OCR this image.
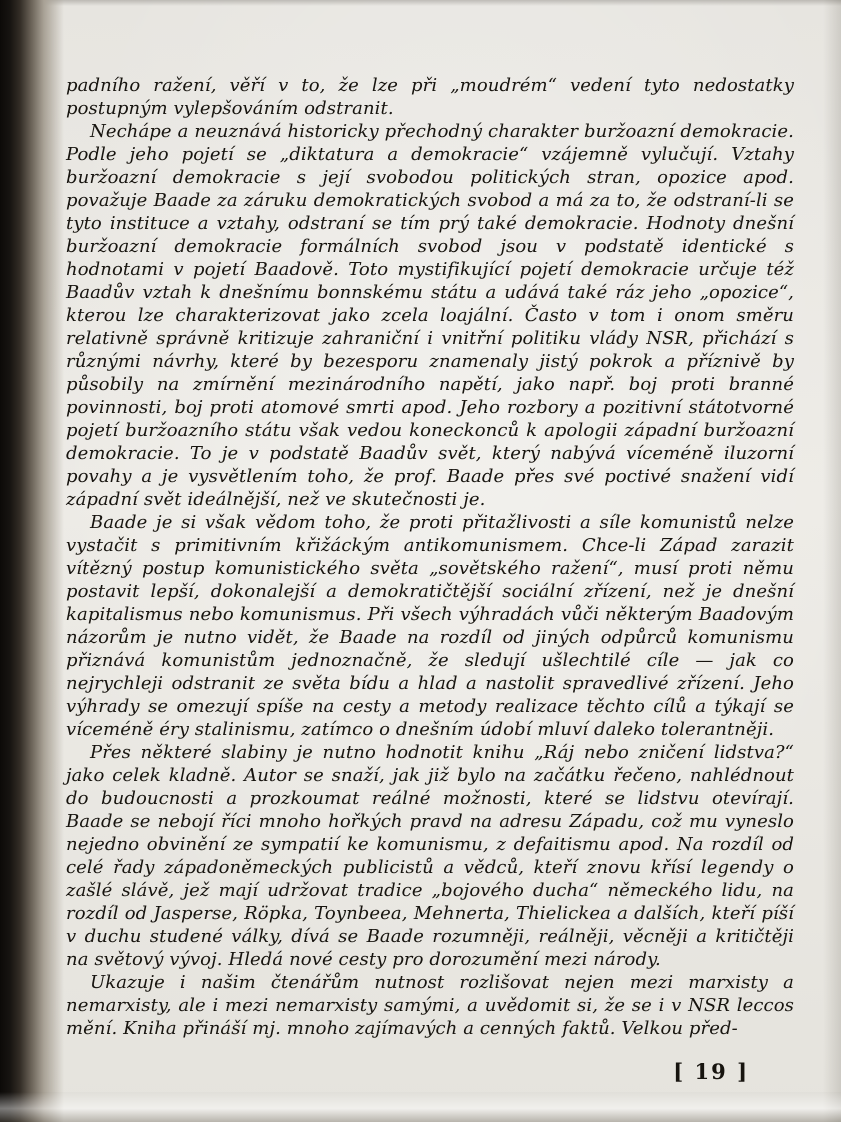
padního ražení, věří v to, že lze při „moudrém“ vedení tyto nedostatky postupným vylepšováním odstranit.

Nechápe a neuznává historicky přechodný charakter buržoazní demokracie. Podle jeho pojetí se „diktatura a demokracie“ vzájemně vylučují. Vztahy buržoazní demokracie s její svobodou politických stran, opozice apod. považuje Baade za záruku demokratických svobod a má za to, že odstraní-li se tyto instituce a vztahy, odstraní se tím prý také demokracie. Hodnoty dnešní buržoazní demokracie formálních svobod jsou v podstatě identické s hodnotami v pojetí Baadově. Toto mystifikující pojetí demokracie určuje též Baadův vztah k dnešnímu bonnskému státu a udává také ráz jeho „opozice“, kterou lze charakterizovat jako zcela loajální. Často v tom i onom směru relativně správně kritizuje zahraniční i vnitřní politiku vlády NSR, přichází s různými návrhy, které by bezesporu znamenaly jistý pokrok a příznivě by působily na zmírnění mezinárodního napětí, jako např. boj proti branné povinnosti, boj proti atomové smrti apod. Jeho rozbory a pozitivní státotvorné pojetí buržoazního státu však vedou koneckonců k apologii západní buržoazní demokracie. To je v podstatě Baadův svět, který nabývá víceméně iluzorní povahy a je vysvětlením toho, že prof. Baade přes své poctivé snažení vidí západní svět ideálnější, než ve skutečnosti je.

Baade je si však vědom toho, že proti přitažlivosti a síle komunistů nelze vystačit s primitivním křižáckým antikomunismem. Chce-li Západ zarazit vítězný postup komunistického světa „sovětského ražení“, musí proti němu postavit lepší, dokonalejší a demokratičtější sociální zřízení, než je dnešní kapitalismus nebo komunismus. Při všech výhradách vůči některým Baadovým názorům je nutno vidět, že Baade na rozdíl od jiných odpůrců komunismu přiznává komunistům jednoznačně, že sledují ušlechtilé cíle — jak co nejrychleji odstranit ze světa bídu a hlad a nastolit spravedlivé zřízení. Jeho výhrady se omezují spíše na cesty a metody realizace těchto cílů a týkají se víceméně éry stalinismu, zatímco o dnešním údobí mluví daleko tolerantněji.

Přes některé slabiny je nutno hodnotit knihu „Ráj nebo zničení lidstva?“ jako celek kladně. Autor se snaží, jak již bylo na začátku řečeno, nahlédnout do budoucnosti a prozkoumat reálné možnosti, které se lidstvu otevírají. Baade se nebojí říci mnoho hořkých pravd na adresu Západu, což mu vyneslo nejedno obvinění ze sympatií ke komunismu, z defaitismu apod. Na rozdíl od celé řady západoněmeckých publicistů a vědců, kteří znovu křísí legendy o zašlé slávě, jež mají udržovat tradice „bojového ducha“ německého lidu, na rozdíl od Jasperse, Röpka, Toynbeea, Mehnerta, Thielickea a dalších, kteří píší v duchu studené války, dívá se Baade rozumněji, reálněji, věcněji a kritičtěji na světový vývoj. Hledá nové cesty pro dorozumění mezi národy.

Ukazuje i našim čtenářům nutnost rozlišovat nejen mezi marxisty a nemarxisty, ale i mezi nemarxisty samými, a uvědomit si, že se i v NSR leccos mění. Kniha přináší mj. mnoho zajímavých a cenných faktů. Velkou před-

[ 19 ]
